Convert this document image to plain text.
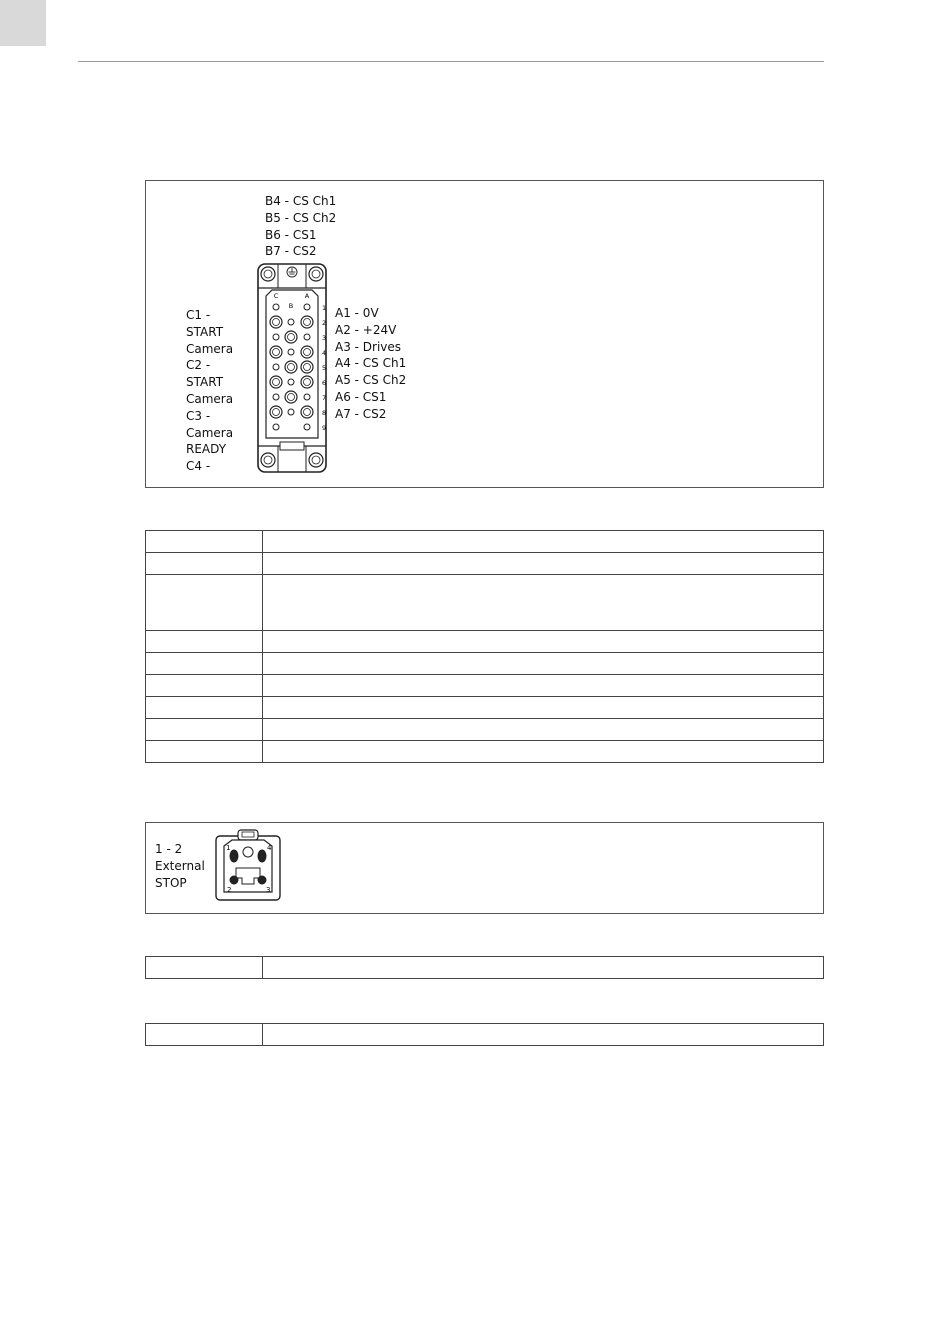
B4 - CS Ch1
B5 - CS Ch2
B6 - CS1
B7 - CS2
C1 -
START
Camera
C2 -
START
Camera
C3 -
Camera
READY
C4 -
A1 - 0V
A2 - +24V
A3 - Drives
A4 - CS Ch1
A5 - CS Ch2
A6 - CS1
A7 - CS2
C
B
A
1
2
3
4
5
6
7
8
9

1 - 2
External
STOP
1	4
2	3
